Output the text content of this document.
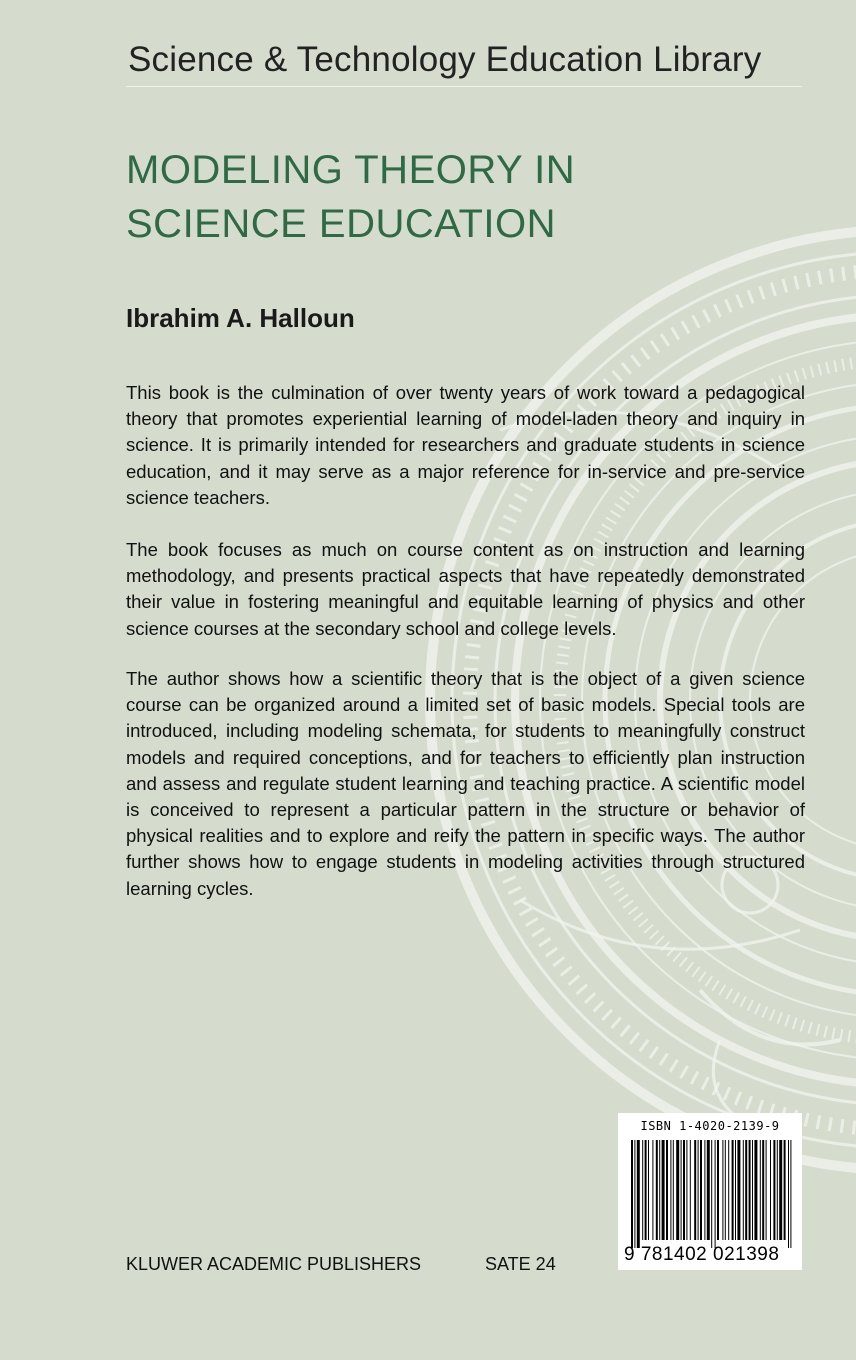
Science & Technology Education Library
MODELING THEORY IN SCIENCE EDUCATION
Ibrahim A. Halloun

This book is the culmination of over twenty years of work toward a pedagogical theory that promotes experiential learning of model-laden theory and inquiry in science. It is primarily intended for researchers and graduate students in science education, and it may serve as a major reference for in-service and pre-service science teachers.

The book focuses as much on course content as on instruction and learning methodology, and presents practical aspects that have repeatedly demonstrated their value in fostering meaningful and equitable learning of physics and other science courses at the secondary school and college levels.

The author shows how a scientific theory that is the object of a given science course can be organized around a limited set of basic models. Special tools are introduced, including modeling schemata, for students to meaningfully construct models and required conceptions, and for teachers to efficiently plan instruction and assess and regulate student learning and teaching practice. A scientific model is conceived to represent a particular pattern in the structure or behavior of physical realities and to explore and reify the pattern in specific ways. The author further shows how to engage students in modeling activities through structured learning cycles.

KLUWER ACADEMIC PUBLISHERS	SATE 24
ISBN 1-4020-2139-9
9 781402 021398
